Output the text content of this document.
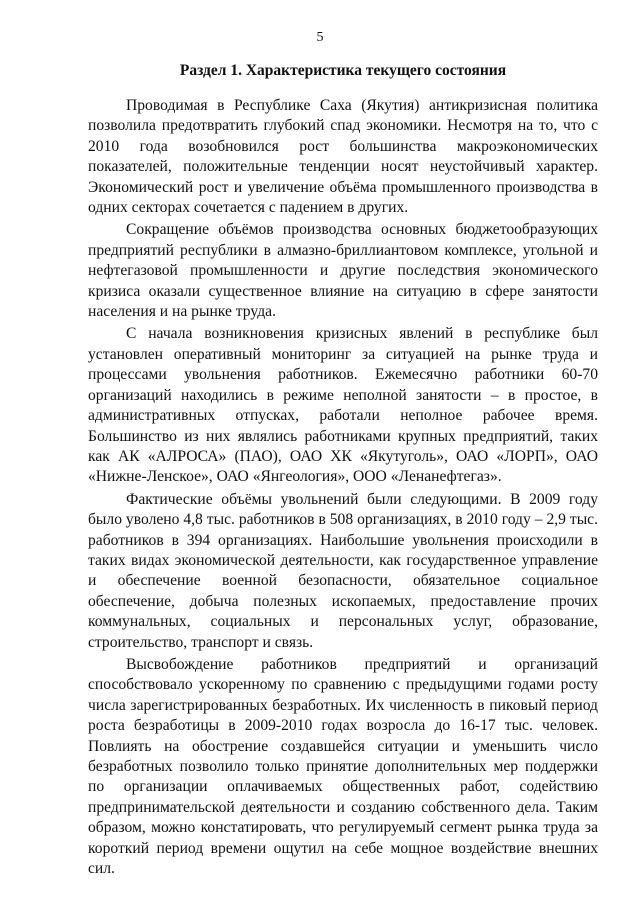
5
Раздел 1. Характеристика текущего состояния

Проводимая в Республике Саха (Якутия) антикризисная политика позволила предотвратить глубокий спад экономики. Несмотря на то, что с 2010 года возобновился рост большинства макроэкономических показателей, положительные тенденции носят неустойчивый характер. Экономический рост и увеличение объёма промышленного производства в одних секторах сочетается с падением в других.

Сокращение объёмов производства основных бюджетообразующих предприятий республики в алмазно-бриллиантовом комплексе, угольной и нефтегазовой промышленности и другие последствия экономического кризиса оказали существенное влияние на ситуацию в сфере занятости населения и на рынке труда.

С начала возникновения кризисных явлений в республике был установлен оперативный мониторинг за ситуацией на рынке труда и процессами увольнения работников. Ежемесячно работники 60-70 организаций находились в режиме неполной занятости – в простое, в административных отпусках, работали неполное рабочее время. Большинство из них являлись работниками крупных предприятий, таких как АК «АЛРОСА» (ПАО), ОАО ХК «Якутуголь», ОАО «ЛОРП», ОАО «Нижне-Ленское», ОАО «Янгеология», ООО «Ленанефтегаз».

Фактические объёмы увольнений были следующими. В 2009 году было уволено 4,8 тыс. работников в 508 организациях, в 2010 году – 2,9 тыс. работников в 394 организациях. Наибольшие увольнения происходили в таких видах экономической деятельности, как государственное управление и обеспечение военной безопасности, обязательное социальное обеспечение, добыча полезных ископаемых, предоставление прочих коммунальных, социальных и персональных услуг, образование, строительство, транспорт и связь.

Высвобождение работников предприятий и организаций способствовало ускоренному по сравнению с предыдущими годами росту числа зарегистрированных безработных. Их численность в пиковый период роста безработицы в 2009-2010 годах возросла до 16-17 тыс. человек. Повлиять на обострение создавшейся ситуации и уменьшить число безработных позволило только принятие дополнительных мер поддержки по организации оплачиваемых общественных работ, содействию предпринимательской деятельности и созданию собственного дела. Таким образом, можно констатировать, что регулируемый сегмент рынка труда за короткий период времени ощутил на себе мощное воздействие внешних сил.
